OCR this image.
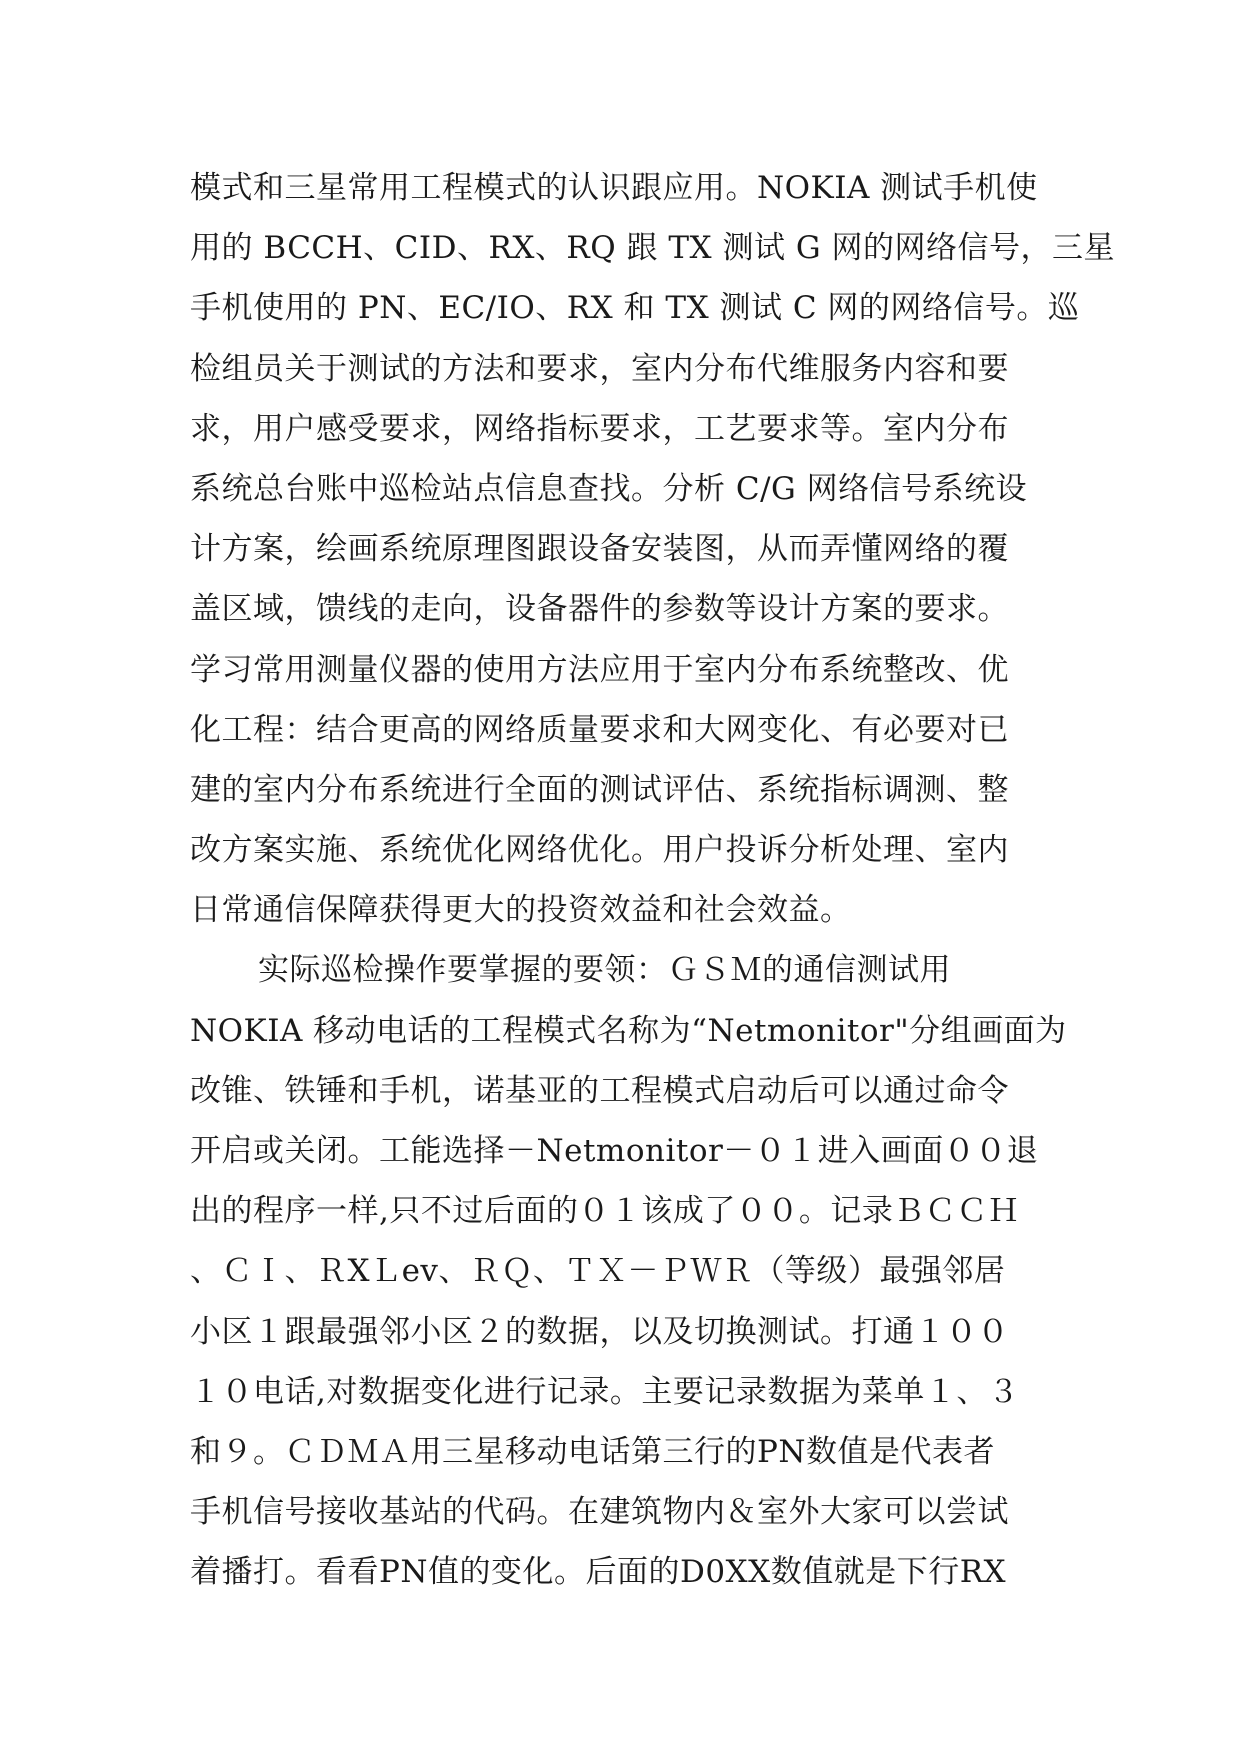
模式和三星常用工程模式的认识跟应用。NOKIA 测试手机使
用的 BCCH、CID、RX、RQ 跟 TX 测试 G 网的网络信号，三星
手机使用的 PN、EC/IO、RX 和 TX 测试 C 网的网络信号。巡
检组员关于测试的方法和要求，室内分布代维服务内容和要
求，用户感受要求，网络指标要求，工艺要求等。室内分布
系统总台账中巡检站点信息查找。分析 C/G 网络信号系统设
计方案，绘画系统原理图跟设备安装图，从而弄懂网络的覆
盖区域，馈线的走向，设备器件的参数等设计方案的要求。
学习常用测量仪器的使用方法应用于室内分布系统整改、优
化工程：结合更高的网络质量要求和大网变化、有必要对已
建的室内分布系统进行全面的测试评估、系统指标调测、整
改方案实施、系统优化网络优化。用户投诉分析处理、室内
日常通信保障获得更大的投资效益和社会效益。
实际巡检操作要掌握的要领：ＧＳＭ的通信测试用
NOKIA 移动电话的工程模式名称为“Netmonitor"分组画面为
改锥、铁锤和手机，诺基亚的工程模式启动后可以通过命令
开启或关闭。工能选择－Netmonitor－０１进入画面００退
出的程序一样,只不过后面的０１该成了００。记录ＢＣＣＨ
、ＣＩ、ＲXＬev、ＲＱ、ＴＸ－ＰＷＲ（等级）最强邻居
小区１跟最强邻小区２的数据，以及切换测试。打通１００
１０电话,对数据变化进行记录。主要记录数据为菜单１、３
和９。ＣＤＭＡ用三星移动电话第三行的PN数值是代表者
手机信号接收基站的代码。在建筑物内＆室外大家可以尝试
着播打。看看PN值的变化。后面的D0XX数值就是下行RX
